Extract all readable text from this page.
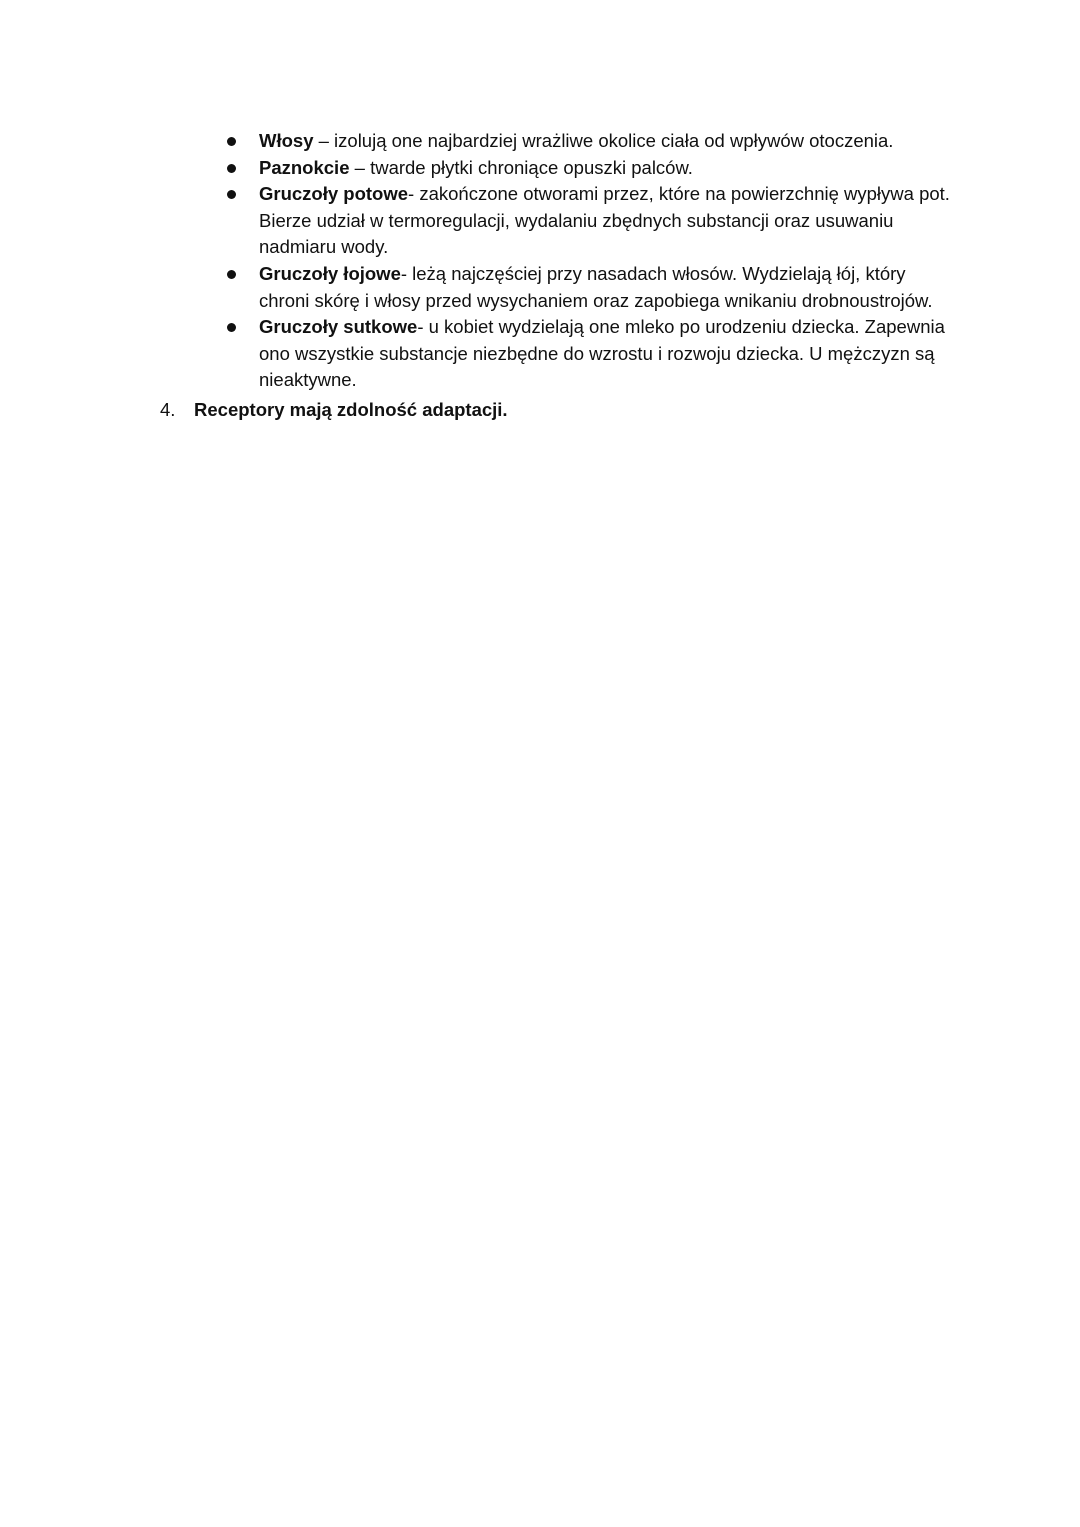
Włosy – izolują one najbardziej wrażliwe okolice ciała od wpływów otoczenia.
Paznokcie – twarde płytki chroniące opuszki palców.
Gruczoły potowe- zakończone otworami przez, które na powierzchnię wypływa pot. Bierze udział w termoregulacji, wydalaniu zbędnych substancji oraz usuwaniu nadmiaru wody.
Gruczoły łojowe- leżą najczęściej przy nasadach włosów. Wydzielają łój, który chroni skórę i włosy przed wysychaniem oraz zapobiega wnikaniu drobnoustrojów.
Gruczoły sutkowe- u kobiet wydzielają one mleko po urodzeniu dziecka. Zapewnia ono wszystkie substancje niezbędne do wzrostu i rozwoju dziecka. U mężczyzn są nieaktywne.
4. Receptory mają zdolność adaptacji.
